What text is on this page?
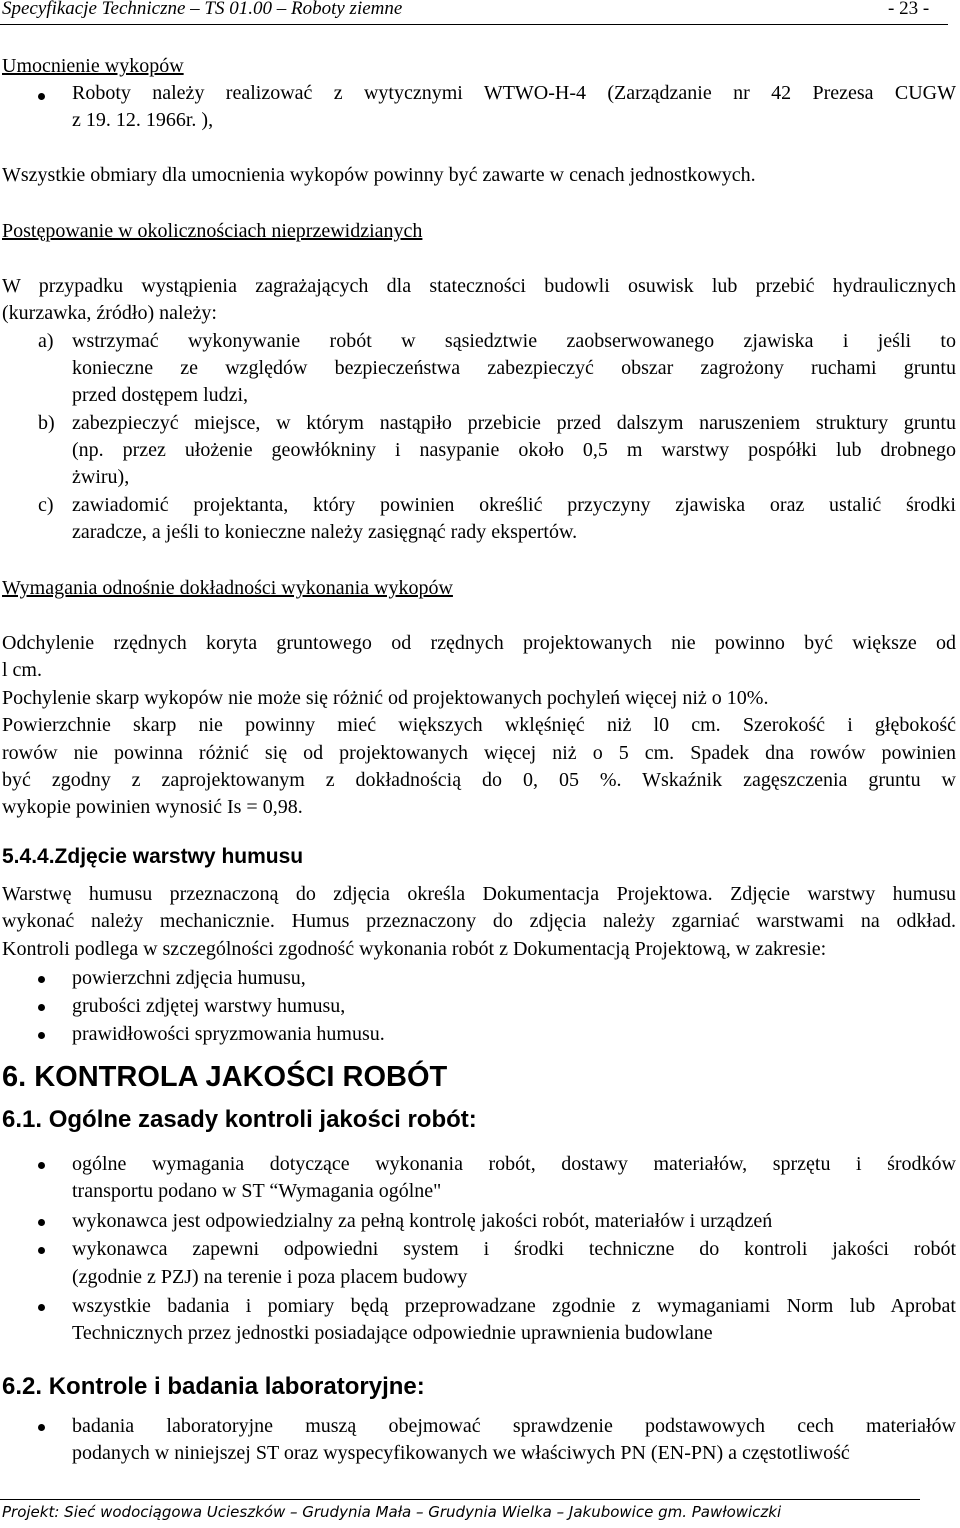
Specyfikacje Techniczne – TS 01.00 – Roboty ziemne	- 23 -
Umocnienie wykopów
Roboty należy realizować z wytycznymi WTWO-H-4 (Zarządzanie nr 42 Prezesa CUGW
z 19. 12. 1966r. ),
Wszystkie obmiary dla umocnienia wykopów powinny być zawarte w cenach jednostkowych.
Postępowanie w okolicznościach nieprzewidzianych
W przypadku wystąpienia zagrażających dla stateczności budowli osuwisk lub przebić hydraulicznych
(kurzawka, źródło) należy:
a) wstrzymać wykonywanie robót w sąsiedztwie zaobserwowanego zjawiska i jeśli to
konieczne ze względów bezpieczeństwa zabezpieczyć obszar zagrożony ruchami gruntu
przed dostępem ludzi,
b) zabezpieczyć miejsce, w którym nastąpiło przebicie przed dalszym naruszeniem struktury gruntu
(np. przez ułożenie geowłókniny i nasypanie około 0,5 m warstwy pospółki lub drobnego
żwiru),
c) zawiadomić projektanta, który powinien określić przyczyny zjawiska oraz ustalić środki
zaradcze, a jeśli to konieczne należy zasięgnąć rady ekspertów.
Wymagania odnośnie dokładności wykonania wykopów
Odchylenie rzędnych koryta gruntowego od rzędnych projektowanych nie powinno być większe od
l cm.
Pochylenie skarp wykopów nie może się różnić od projektowanych pochyleń więcej niż o 10%.
Powierzchnie skarp nie powinny mieć większych wklęśnięć niż l0 cm. Szerokość i głębokość
rowów nie powinna różnić się od projektowanych więcej niż o 5 cm. Spadek dna rowów powinien
być zgodny z zaprojektowanym z dokładnością do 0, 05 %. Wskaźnik zagęszczenia gruntu w
wykopie powinien wynosić Is = 0,98.
5.4.4.Zdjęcie warstwy humusu
Warstwę humusu przeznaczoną do zdjęcia określa Dokumentacja Projektowa. Zdjęcie warstwy humusu
wykonać należy mechanicznie. Humus przeznaczony do zdjęcia należy zgarniać warstwami na odkład.
Kontroli podlega w szczególności zgodność wykonania robót z Dokumentacją Projektową, w zakresie:
powierzchni zdjęcia humusu,
grubości zdjętej warstwy humusu,
prawidłowości spryzmowania humusu.
6. KONTROLA JAKOŚCI ROBÓT
6.1. Ogólne zasady kontroli jakości robót:
ogólne wymagania dotyczące wykonania robót, dostawy materiałów, sprzętu i środków
transportu podano w ST “Wymagania ogólne"
wykonawca jest odpowiedzialny za pełną kontrolę jakości robót, materiałów i urządzeń
wykonawca zapewni odpowiedni system i środki techniczne do kontroli jakości robót
(zgodnie z PZJ) na terenie i poza placem budowy
wszystkie badania i pomiary będą przeprowadzane zgodnie z wymaganiami Norm lub Aprobat
Technicznych przez jednostki posiadające odpowiednie uprawnienia budowlane
6.2. Kontrole i badania laboratoryjne:
badania laboratoryjne muszą obejmować sprawdzenie podstawowych cech materiałów
podanych w niniejszej ST oraz wyspecyfikowanych we właściwych PN (EN-PN) a częstotliwość
Projekt: Sieć wodociągowa Ucieszków – Grudynia Mała – Grudynia Wielka – Jakubowice gm. Pawłowiczki
